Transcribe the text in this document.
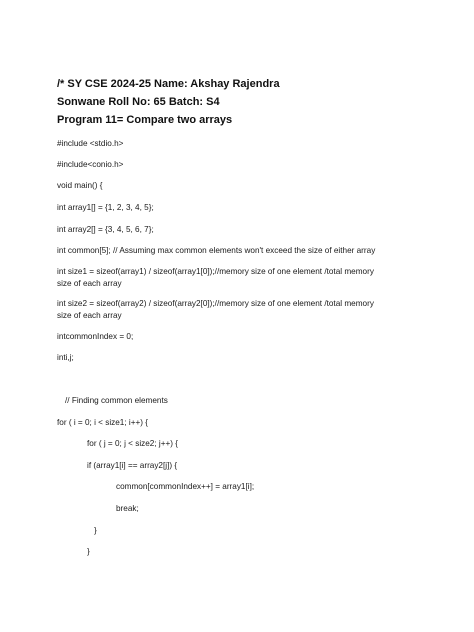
/* SY CSE 2024-25 Name: Akshay Rajendra
Sonwane Roll No: 65 Batch: S4
Program 11= Compare two arrays
#include <stdio.h>
#include<conio.h>
void main() {
int array1[] = {1, 2, 3, 4, 5};
int array2[] = {3, 4, 5, 6, 7};
int common[5]; // Assuming max common elements won't exceed the size of either array
int size1 = sizeof(array1) / sizeof(array1[0]);//memory size of one element /total memory
size of each array
int size2 = sizeof(array2) / sizeof(array2[0]);//memory size of one element /total memory
size of each array
intcommonIndex = 0;
inti,j;
// Finding common elements
for ( i = 0; i < size1; i++) {
for ( j = 0; j < size2; j++) {
if (array1[i] == array2[j]) {
common[commonIndex++] = array1[i];
break;
}
}
